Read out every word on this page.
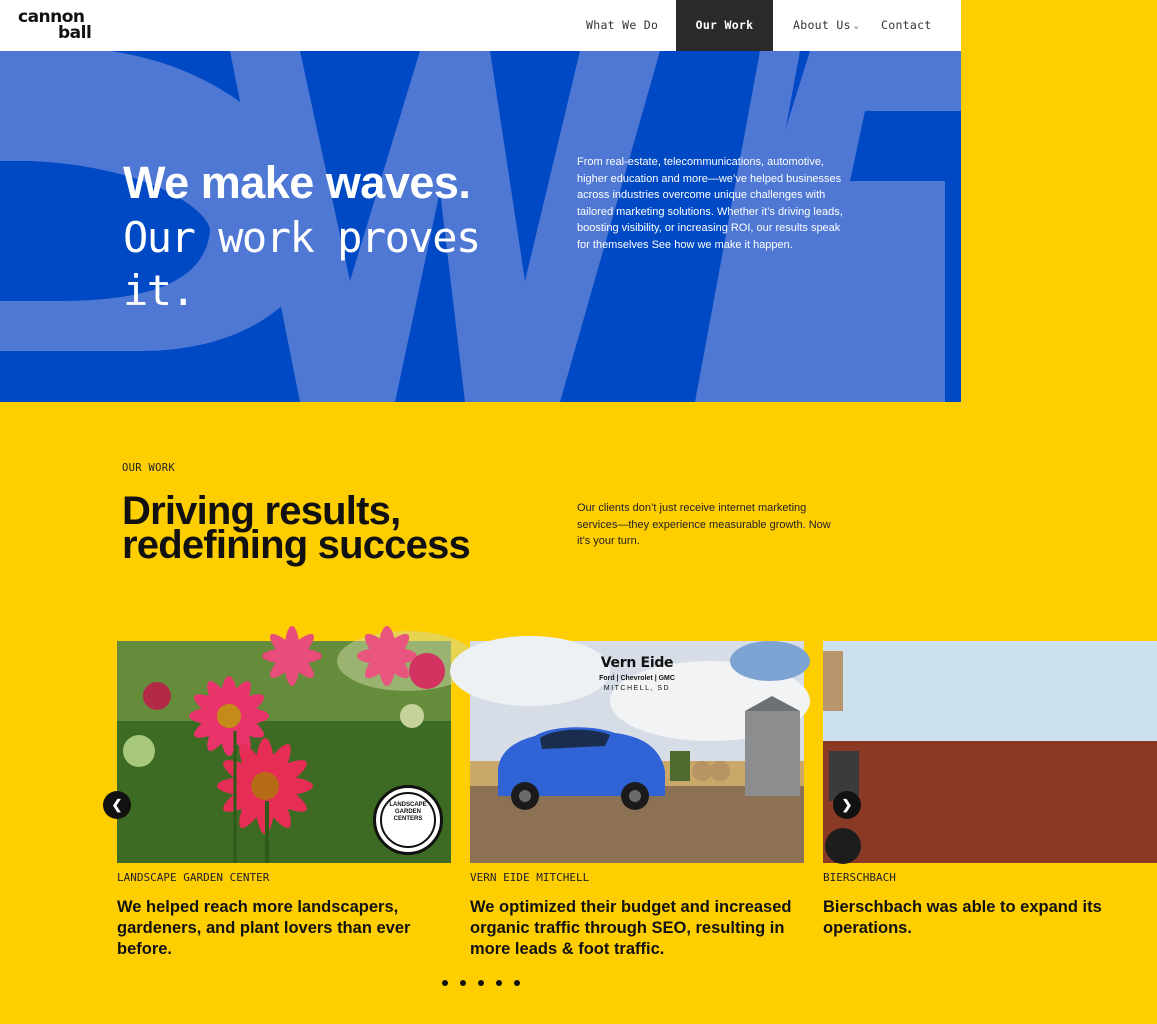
cannon
ball	What We Do	Our Work	About Us ⌄ Contact
We make waves.
Our work proves it.

From real-estate, telecommunications, automotive, higher education and more—we’ve helped businesses across industries overcome unique challenges with tailored marketing solutions. Whether it’s driving leads, boosting visibility, or increasing ROI, our results speak for themselves See how we make it happen.

OUR WORK
Driving results, redefining success

Our clients don’t just receive internet marketing services—they experience measurable growth. Now it’s your turn.

LANDSCAPE GARDEN CENTERS
LANDSCAPE GARDEN CENTER
We helped reach more landscapers, gardeners, and plant lovers than ever before.
Vern Eide
Ford | Chevrolet | GMC
MITCHELL, SD
VERN EIDE MITCHELL
We optimized their budget and increased organic traffic through SEO, resulting in more leads & foot traffic.
BIERSCHBACH
Bierschbach was able to expand its operations.
❮	❯
